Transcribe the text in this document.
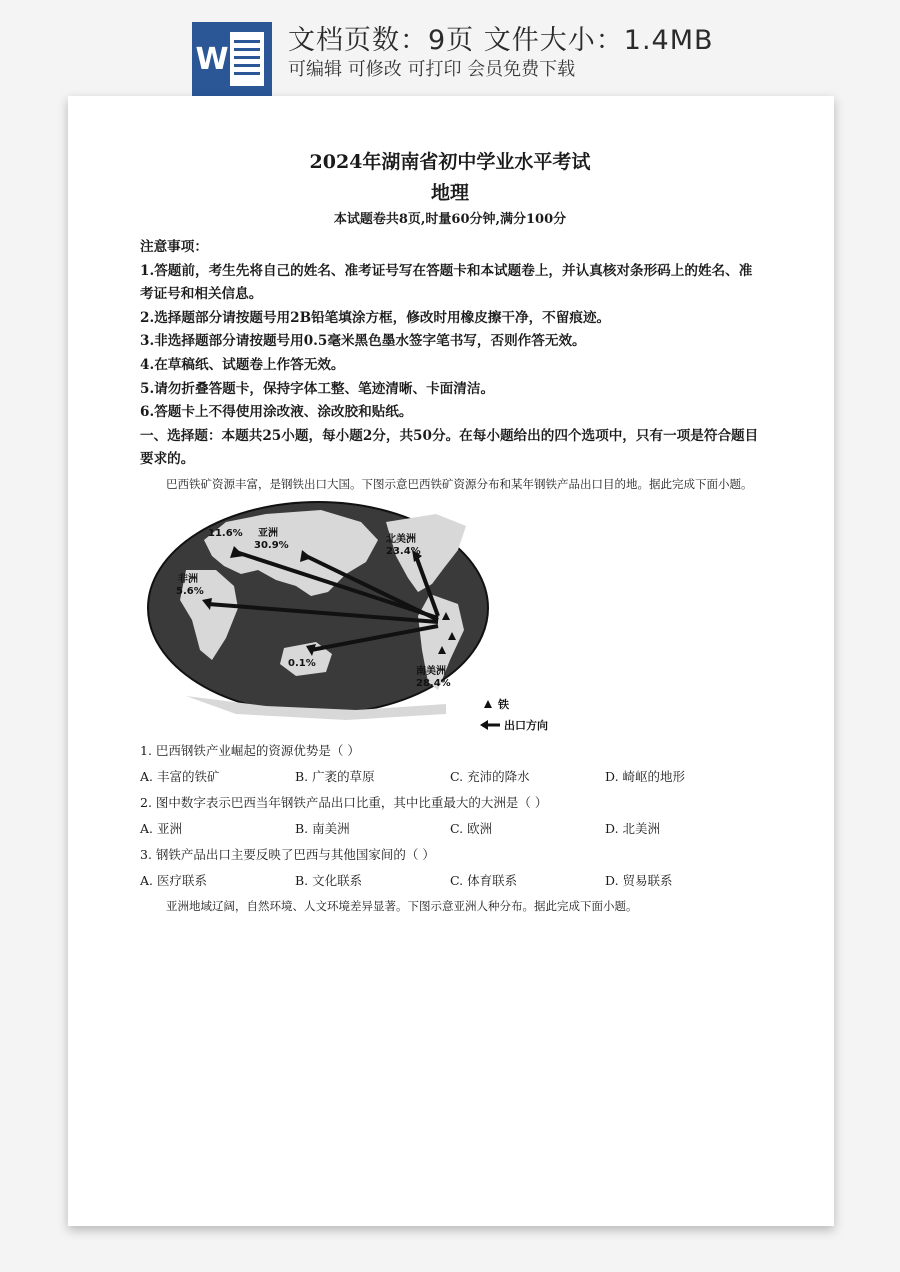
W
文档页数：9页 文件大小：1.4MB
可编辑 可修改 可打印 会员免费下载

2024年湖南省初中学业水平考试

地理

本试题卷共8页,时量60分钟,满分100分

注意事项：

1.答题前，考生先将自己的姓名、准考证号写在答题卡和本试题卷上，并认真核对条形码上的姓名、准考证号和相关信息。

2.选择题部分请按题号用2B铅笔填涂方框，修改时用橡皮擦干净，不留痕迹。

3.非选择题部分请按题号用0.5毫米黑色墨水签字笔书写，否则作答无效。

4.在草稿纸、试题卷上作答无效。

5.请勿折叠答题卡，保持字体工整、笔迹清晰、卡面清洁。

6.答题卡上不得使用涂改液、涂改胶和贴纸。

一、选择题：本题共25小题，每小题2分，共50分。在每小题给出的四个选项中，只有一项是符合题目要求的。

巴西铁矿资源丰富，是钢铁出口大国。下图示意巴西铁矿资源分布和某年钢铁产品出口目的地。据此完成下面小题。

11.6% 亚洲
30.9%
北美洲
23.4%
非洲
5.6%
0.1%
南美洲
28.4%
铁
出口方向

1. 巴西钢铁产业崛起的资源优势是（ ）

A. 丰富的铁矿	B. 广袤的草原	C. 充沛的降水	D. 崎岖的地形

2. 图中数字表示巴西当年钢铁产品出口比重，其中比重最大的大洲是（ ）

A. 亚洲	B. 南美洲	C. 欧洲	D. 北美洲

3. 钢铁产品出口主要反映了巴西与其他国家间的（ ）

A. 医疗联系	B. 文化联系	C. 体育联系	D. 贸易联系

亚洲地域辽阔，自然环境、人文环境差异显著。下图示意亚洲人种分布。据此完成下面小题。
